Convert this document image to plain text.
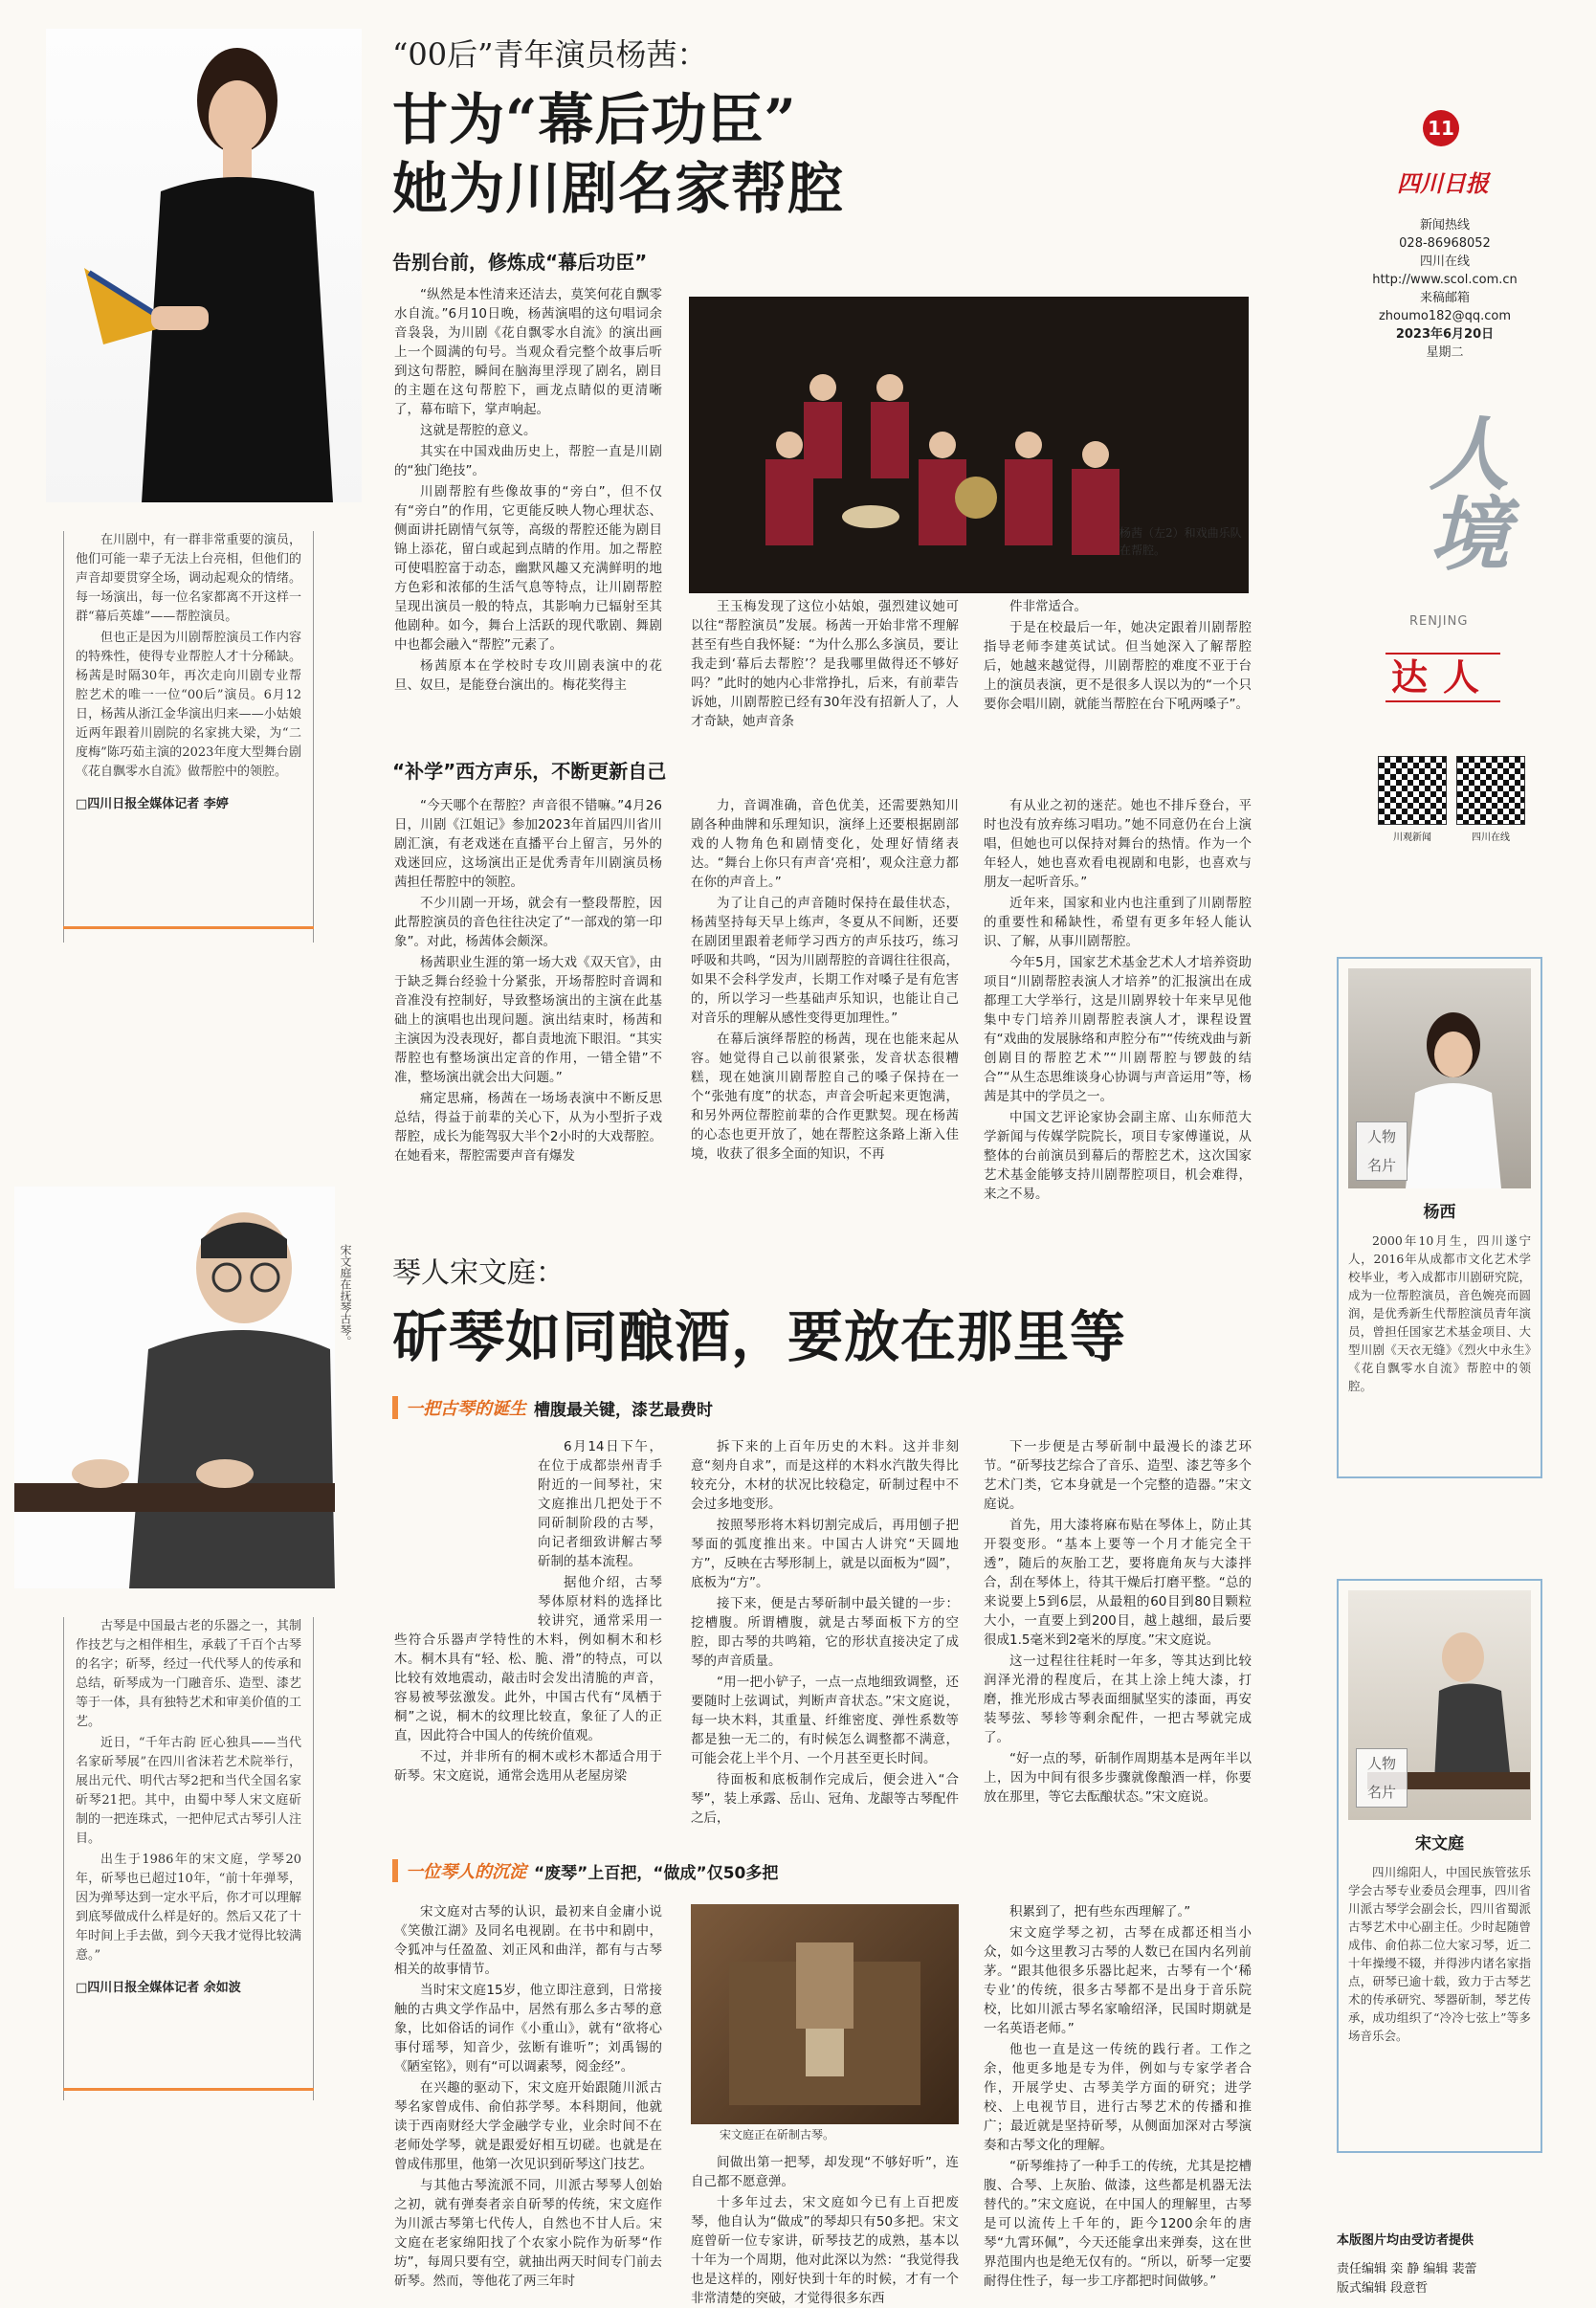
“00后”青年演员杨茜：
甘为“幕后功臣”
她为川剧名家帮腔
告别台前，修炼成“幕后功臣”

“纵然是本性清来还洁去，莫笑何花自飘零水自流。”6月10日晚，杨茜演唱的这句唱词余音袅袅，为川剧《花自飘零水自流》的演出画上一个圆满的句号。当观众看完整个故事后听到这句帮腔，瞬间在脑海里浮现了剧名，剧目的主题在这句帮腔下，画龙点睛似的更清晰了，幕布暗下，掌声响起。

这就是帮腔的意义。

其实在中国戏曲历史上，帮腔一直是川剧的“独门绝技”。

川剧帮腔有些像故事的“旁白”，但不仅有“旁白”的作用，它更能反映人物心理状态、侧面讲托剧情气氛等，高级的帮腔还能为剧目锦上添花，留白或起到点睛的作用。加之帮腔可使唱腔富于动态，幽默风趣又充满鲜明的地方色彩和浓郁的生活气息等特点，让川剧帮腔呈现出演员一般的特点，其影响力已辐射至其他剧种。如今，舞台上活跃的现代歌剧、舞剧中也都会融入“帮腔”元素了。

杨茜原本在学校时专攻川剧表演中的花旦、奴旦，是能登台演出的。梅花奖得主

杨茜（左2）和戏曲乐队在帮腔。

王玉梅发现了这位小姑娘，强烈建议她可以往“帮腔演员”发展。杨茜一开始非常不理解甚至有些自我怀疑：“为什么那么多演员，要让我走到‘幕后去帮腔’？是我哪里做得还不够好吗？”此时的她内心非常挣扎，后来，有前辈告诉她，川剧帮腔已经有30年没有招新人了，人才奇缺，她声音条

件非常适合。

于是在校最后一年，她决定跟着川剧帮腔指导老师李建英试试。但当她深入了解帮腔后，她越来越觉得，川剧帮腔的难度不亚于台上的演员表演，更不是很多人误以为的“一个只要你会唱川剧，就能当帮腔在台下吼两嗓子”。

“补学”西方声乐，不断更新自己

“今天哪个在帮腔？声音很不错嘛。”4月26日，川剧《江姐记》参加2023年首届四川省川剧汇演，有老戏迷在直播平台上留言，另外的戏迷回应，这场演出正是优秀青年川剧演员杨茜担任帮腔中的领腔。

不少川剧一开场，就会有一整段帮腔，因此帮腔演员的音色往往决定了“一部戏的第一印象”。对此，杨茜体会颇深。

杨茜职业生涯的第一场大戏《双天官》，由于缺乏舞台经验十分紧张，开场帮腔时音调和音准没有控制好，导致整场演出的主演在此基础上的演唱也出现问题。演出结束时，杨茜和主演因为没表现好，都自责地流下眼泪。“其实帮腔也有整场演出定音的作用，一错全错”不准，整场演出就会出大问题。”

痛定思痛，杨茜在一场场表演中不断反思总结，得益于前辈的关心下，从为小型折子戏帮腔，成长为能驾驭大半个2小时的大戏帮腔。在她看来，帮腔需要声音有爆发

力，音调准确，音色优美，还需要熟知川剧各种曲牌和乐理知识，演绎上还要根据剧部戏的人物角色和剧情变化，处理好情绪表达。“舞台上你只有声音‘亮相’，观众注意力都在你的声音上。”

为了让自己的声音随时保持在最佳状态，杨茜坚持每天早上练声，冬夏从不间断，还要在剧团里跟着老师学习西方的声乐技巧，练习呼吸和共鸣，“因为川剧帮腔的音调往往很高，如果不会科学发声，长期工作对嗓子是有危害的，所以学习一些基础声乐知识，也能让自己对音乐的理解从感性变得更加理性。”

在幕后演绎帮腔的杨茜，现在也能来起从容。她觉得自己以前很紧张，发音状态很糟糕，现在她演川剧帮腔自己的嗓子保持在一个“张弛有度”的状态，声音会听起来更饱满，和另外两位帮腔前辈的合作更默契。现在杨茜的心态也更开放了，她在帮腔这条路上渐入佳境，收获了很多全面的知识，不再

有从业之初的迷茫。她也不排斥登台，平时也没有放弃练习唱功。”她不同意仍在台上演唱，但她也可以保持对舞台的热情。作为一个年轻人，她也喜欢看电视剧和电影，也喜欢与朋友一起听音乐。”

近年来，国家和业内也注重到了川剧帮腔的重要性和稀缺性，希望有更多年轻人能认识、了解，从事川剧帮腔。

今年5月，国家艺术基金艺术人才培养资助项目“川剧帮腔表演人才培养”的汇报演出在成都理工大学举行，这是川剧界较十年来早见他集中专门培养川剧帮腔表演人才，课程设置有“戏曲的发展脉络和声腔分布”“传统戏曲与新创剧目的帮腔艺术”“川剧帮腔与锣鼓的结合”“从生态思维谈身心协调与声音运用”等，杨茜是其中的学员之一。

中国文艺评论家协会副主席、山东师范大学新闻与传媒学院院长，项目专家傅谨说，从整体的台前演员到幕后的帮腔艺术，这次国家艺术基金能够支持川剧帮腔项目，机会难得，来之不易。

在川剧中，有一群非常重要的演员，他们可能一辈子无法上台亮相，但他们的声音却要贯穿全场，调动起观众的情绪。每一场演出，每一位名家都离不开这样一群“幕后英雄”——帮腔演员。

但也正是因为川剧帮腔演员工作内容的特殊性，使得专业帮腔人才十分稀缺。杨茜是时隔30年，再次走向川剧专业帮腔艺术的唯一一位“00后”演员。6月12日，杨茜从浙江金华演出归来——小姑娘近两年跟着川剧院的名家挑大梁，为“二度梅”陈巧茹主演的2023年度大型舞台剧《花自飘零水自流》做帮腔中的领腔。

□四川日报全媒体记者 李婷
11
四川日报
新闻热线
028-86968052
四川在线
http://www.scol.com.cn
来稿邮箱
zhoumo182@qq.com
2023年6月20日
星期二
人境
RENJING
达人
川观新闻	四川在线
人物名片
杨西

2000年10月生，四川遂宁人，2016年从成都市文化艺术学校毕业，考入成都市川剧研究院，成为一位帮腔演员，音色婉亮而圆润，是优秀新生代帮腔演员青年演员，曾担任国家艺术基金项目、大型川剧《天衣无缝》《烈火中永生》《花自飘零水自流》帮腔中的领腔。

宋文庭在抚琴古琴。 琴人宋文庭：
斫琴如同酿酒，要放在那里等
一把古琴的诞生 槽腹最关键，漆艺最费时

6月14日下午，在位于成都崇州青手附近的一间琴社，宋文庭推出几把处于不同斫制阶段的古琴，向记者细致讲解古琴斫制的基本流程。

据他介绍，古琴琴体原材料的选择比较讲究，通常采用一些符合乐器声学特性的木料，例如桐木和杉木。桐木具有“轻、松、脆、滑”的特点，可以比较有效地震动，敲击时会发出清脆的声音，容易被琴弦激发。此外，中国古代有“凤栖于桐”之说，桐木的纹理比较直，象征了人的正直，因此符合中国人的传统价值观。

不过，并非所有的桐木或杉木都适合用于斫琴。宋文庭说，通常会选用从老屋房梁

拆下来的上百年历史的木料。这并非刻意“刻舟自求”，而是这样的木料水汽散失得比较充分，木材的状况比较稳定，斫制过程中不会过多地变形。

按照琴形将木料切割完成后，再用刨子把琴面的弧度推出来。中国古人讲究“天圆地方”，反映在古琴形制上，就是以面板为“圆”，底板为“方”。

接下来，便是古琴斫制中最关键的一步：挖槽腹。所谓槽腹，就是古琴面板下方的空腔，即古琴的共鸣箱，它的形状直接决定了成琴的声音质量。

“用一把小铲子，一点一点地细致调整，还要随时上弦调试，判断声音状态。”宋文庭说，每一块木料，其重量、纤维密度、弹性系数等都是独一无二的，有时候怎么调整都不满意，可能会花上半个月、一个月甚至更长时间。

待面板和底板制作完成后，便会进入“合琴”，装上承露、岳山、冠角、龙龈等古琴配件之后，

下一步便是古琴斫制中最漫长的漆艺环节。“斫琴技艺综合了音乐、造型、漆艺等多个艺术门类，它本身就是一个完整的造器。”宋文庭说。

首先，用大漆将麻布贴在琴体上，防止其开裂变形。“基本上要等一个月才能完全干透”，随后的灰胎工艺，要将鹿角灰与大漆拌合，刮在琴体上，待其干燥后打磨平整。“总的来说要上5到6层，从最粗的60目到80目颗粒大小，一直要上到200目，越上越细，最后要很成1.5毫米到2毫米的厚度。”宋文庭说。

这一过程往往耗时一年多，等其达到比较润泽光滑的程度后，在其上涂上纯大漆，打磨，推光形成古琴表面细腻坚实的漆面，再安装琴弦、琴轸等剩余配件，一把古琴就完成了。

“好一点的琴，斫制作周期基本是两年半以上，因为中间有很多步骤就像酿酒一样，你要放在那里，等它去酝酿状态。”宋文庭说。

古琴是中国最古老的乐器之一，其制作技艺与之相伴相生，承载了千百个古琴的名字；斫琴，经过一代代琴人的传承和总结，斫琴成为一门融音乐、造型、漆艺等于一体，具有独特艺术和审美价值的工艺。

近日，“千年古韵 匠心独具——当代名家斫琴展”在四川省沫若艺术院举行，展出元代、明代古琴2把和当代全国名家斫琴21把。其中，由蜀中琴人宋文庭斫制的一把连珠式，一把仲尼式古琴引人注目。

出生于1986年的宋文庭，学琴20年，斫琴也已超过10年，“前十年弹琴，因为弹琴达到一定水平后，你才可以理解到底琴做成什么样是好的。然后又花了十年时间上手去做，到今天我才觉得比较满意。”

□四川日报全媒体记者 余如波
一位琴人的沉淀 “废琴”上百把，“做成”仅50多把

宋文庭对古琴的认识，最初来自金庸小说《笑傲江湖》及同名电视剧。在书中和剧中，令狐冲与任盈盈、刘正风和曲洋，都有与古琴相关的故事情节。

当时宋文庭15岁，他立即注意到，日常接触的古典文学作品中，居然有那么多古琴的意象，比如俗话的词作《小重山》，就有“欲将心事付瑶琴，知音少，弦断有谁听”；刘禹锡的《陋室铭》，则有“可以调素琴，阅金经”。

在兴趣的驱动下，宋文庭开始跟随川派古琴名家曾成伟、俞伯荪学琴。本科期间，他就读于西南财经大学金融学专业，业余时间不在老师处学琴，就是跟爱好相互切磋。也就是在曾成伟那里，他第一次见识到斫琴这门技艺。

与其他古琴流派不同，川派古琴琴人创始之初，就有弹奏者亲自斫琴的传统，宋文庭作为川派古琴第七代传人，自然也不甘人后。宋文庭在老家绵阳找了个农家小院作为斫琴“作坊”，每周只要有空，就抽出两天时间专门前去斫琴。然而，等他花了两三年时

宋文庭正在斫制古琴。

间做出第一把琴，却发现“不够好听”，连自己都不愿意弹。

十多年过去，宋文庭如今已有上百把废琴，他自认为“做成”的琴却只有50多把。宋文庭曾斫一位专家讲，斫琴技艺的成熟，基本以十年为一个周期，他对此深以为然：“我觉得我也是这样的，刚好快到十年的时候，才有一个非常清楚的突破，才觉得很多东西

积累到了，把有些东西理解了。”

宋文庭学琴之初，古琴在成都还相当小众，如今这里教习古琴的人数已在国内名列前茅。“跟其他很多乐器比起来，古琴有一个‘稀专业’的传统，很多古琴都不是出身于音乐院校，比如川派古琴名家喻绍泽，民国时期就是一名英语老师。”

他也一直是这一传统的践行者。工作之余，他更多地是专为伴，例如与专家学者合作，开展学史、古琴美学方面的研究；进学校、上电视节目，进行古琴艺术的传播和推广；最近就是坚持斫琴，从侧面加深对古琴演奏和古琴文化的理解。

“斫琴维持了一种手工的传统，尤其是挖槽腹、合琴、上灰胎、做漆，这些都是机器无法替代的。”宋文庭说，在中国人的理解里，古琴是可以流传上千年的，距今1200余年的唐琴“九霄环佩”，今天还能拿出来弹奏，这在世界范围内也是绝无仅有的。“所以，斫琴一定要耐得住性子，每一步工序都把时间做够。”

人物名片
宋文庭

四川绵阳人，中国民族管弦乐学会古琴专业委员会理事，四川省川派古琴学会副会长，四川省蜀派古琴艺术中心副主任。少时起随曾成伟、俞伯荪二位大家习琴，近二十年操缦不辍，并得涉内诸名家指点，研琴已逾十载，致力于古琴艺术的传承研究、琴器斫制，琴艺传承，成功组织了“冷冷七弦上”等多场音乐会。

本版图片均由受访者提供
责任编辑 栾 静 编辑 裴蕾
版式编辑 段意哲
